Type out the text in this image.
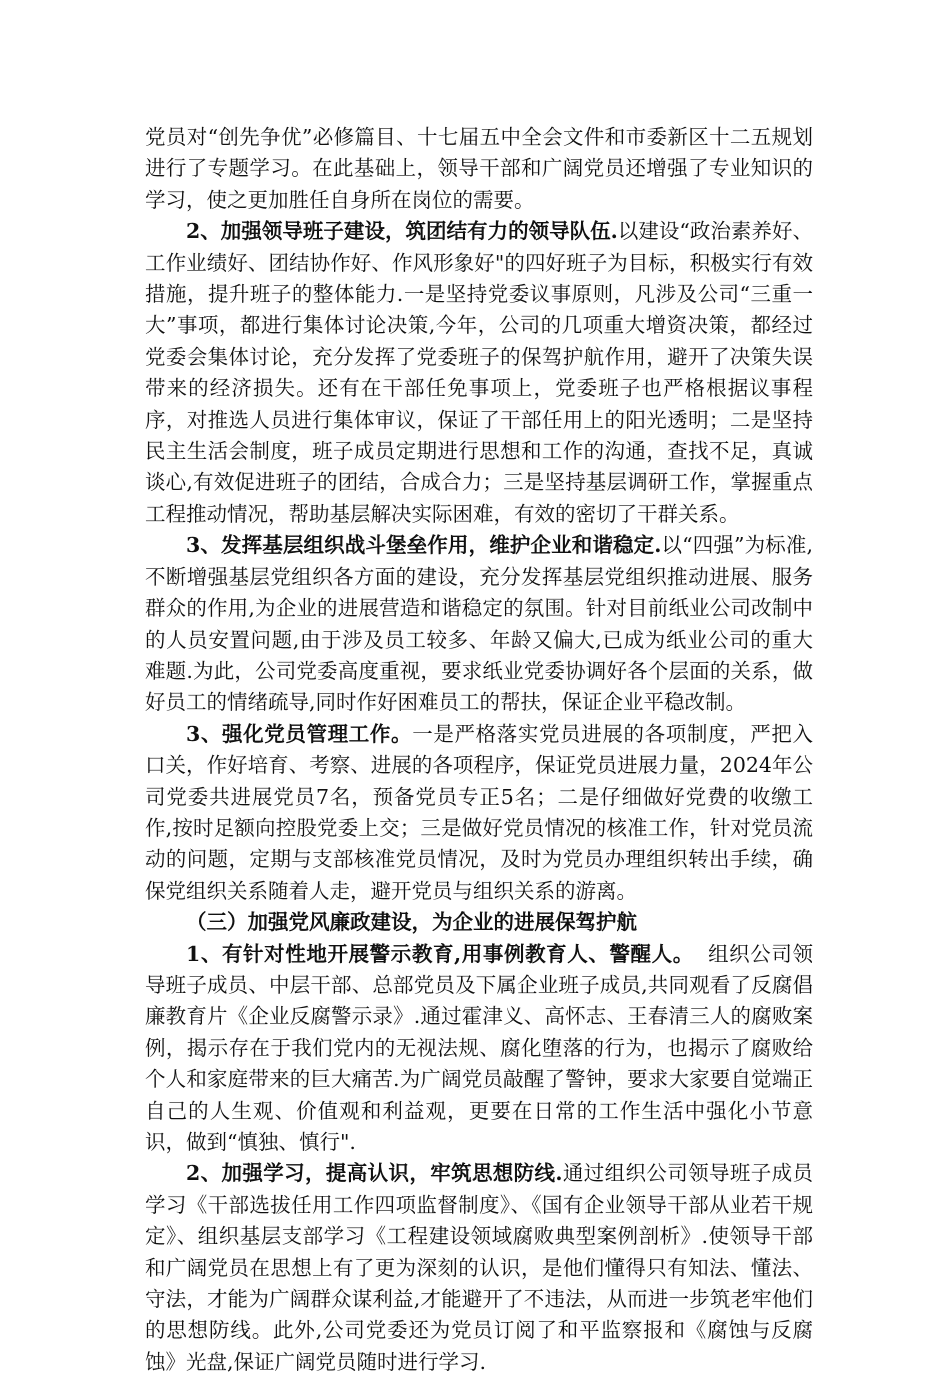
党员对“创先争优”必修篇目、十七届五中全会文件和市委新区十二五规划进行了专题学习。在此基础上，领导干部和广阔党员还增强了专业知识的学习，使之更加胜任自身所在岗位的需要。

2、加强领导班子建设，筑团结有力的领导队伍.以建设“政治素养好、工作业绩好、团结协作好、作风形象好"的四好班子为目标，积极实行有效措施，提升班子的整体能力.一是坚持党委议事原则，凡涉及公司“三重一大”事项，都进行集体讨论决策,今年，公司的几项重大增资决策，都经过党委会集体讨论，充分发挥了党委班子的保驾护航作用，避开了决策失误带来的经济损失。还有在干部任免事项上，党委班子也严格根据议事程序，对推选人员进行集体审议，保证了干部任用上的阳光透明；二是坚持民主生活会制度，班子成员定期进行思想和工作的沟通，查找不足，真诚谈心,有效促进班子的团结，合成合力；三是坚持基层调研工作，掌握重点工程推动情况，帮助基层解决实际困难，有效的密切了干群关系。

3、发挥基层组织战斗堡垒作用，维护企业和谐稳定.以“四强”为标准,不断增强基层党组织各方面的建设，充分发挥基层党组织推动进展、服务群众的作用,为企业的进展营造和谐稳定的氛围。针对目前纸业公司改制中的人员安置问题,由于涉及员工较多、年龄又偏大,已成为纸业公司的重大难题.为此，公司党委高度重视，要求纸业党委协调好各个层面的关系，做好员工的情绪疏导,同时作好困难员工的帮扶，保证企业平稳改制。

3、强化党员管理工作。一是严格落实党员进展的各项制度，严把入口关，作好培育、考察、进展的各项程序，保证党员进展力量，2024年公司党委共进展党员7名，预备党员专正5名；二是仔细做好党费的收缴工作,按时足额向控股党委上交；三是做好党员情况的核准工作，针对党员流动的问题，定期与支部核准党员情况，及时为党员办理组织转出手续，确保党组织关系随着人走，避开党员与组织关系的游离。

（三）加强党风廉政建设，为企业的进展保驾护航

1、有针对性地开展警示教育,用事例教育人、警醒人。  组织公司领导班子成员、中层干部、总部党员及下属企业班子成员,共同观看了反腐倡廉教育片《企业反腐警示录》.通过霍津义、高怀志、王春清三人的腐败案例，揭示存在于我们党内的无视法规、腐化堕落的行为，也揭示了腐败给个人和家庭带来的巨大痛苦.为广阔党员敲醒了警钟，要求大家要自觉端正自己的人生观、价值观和利益观，更要在日常的工作生活中强化小节意识，做到“慎独、慎行".

2、加强学习，提高认识，牢筑思想防线.通过组织公司领导班子成员学习《干部选拔任用工作四项监督制度》、《国有企业领导干部从业若干规定》、组织基层支部学习《工程建设领域腐败典型案例剖析》.使领导干部和广阔党员在思想上有了更为深刻的认识，是他们懂得只有知法、懂法、守法，才能为广阔群众谋利益,才能避开了不违法，从而进一步筑老牢他们的思想防线。此外,公司党委还为党员订阅了和平监察报和《腐蚀与反腐蚀》光盘,保证广阔党员随时进行学习.
